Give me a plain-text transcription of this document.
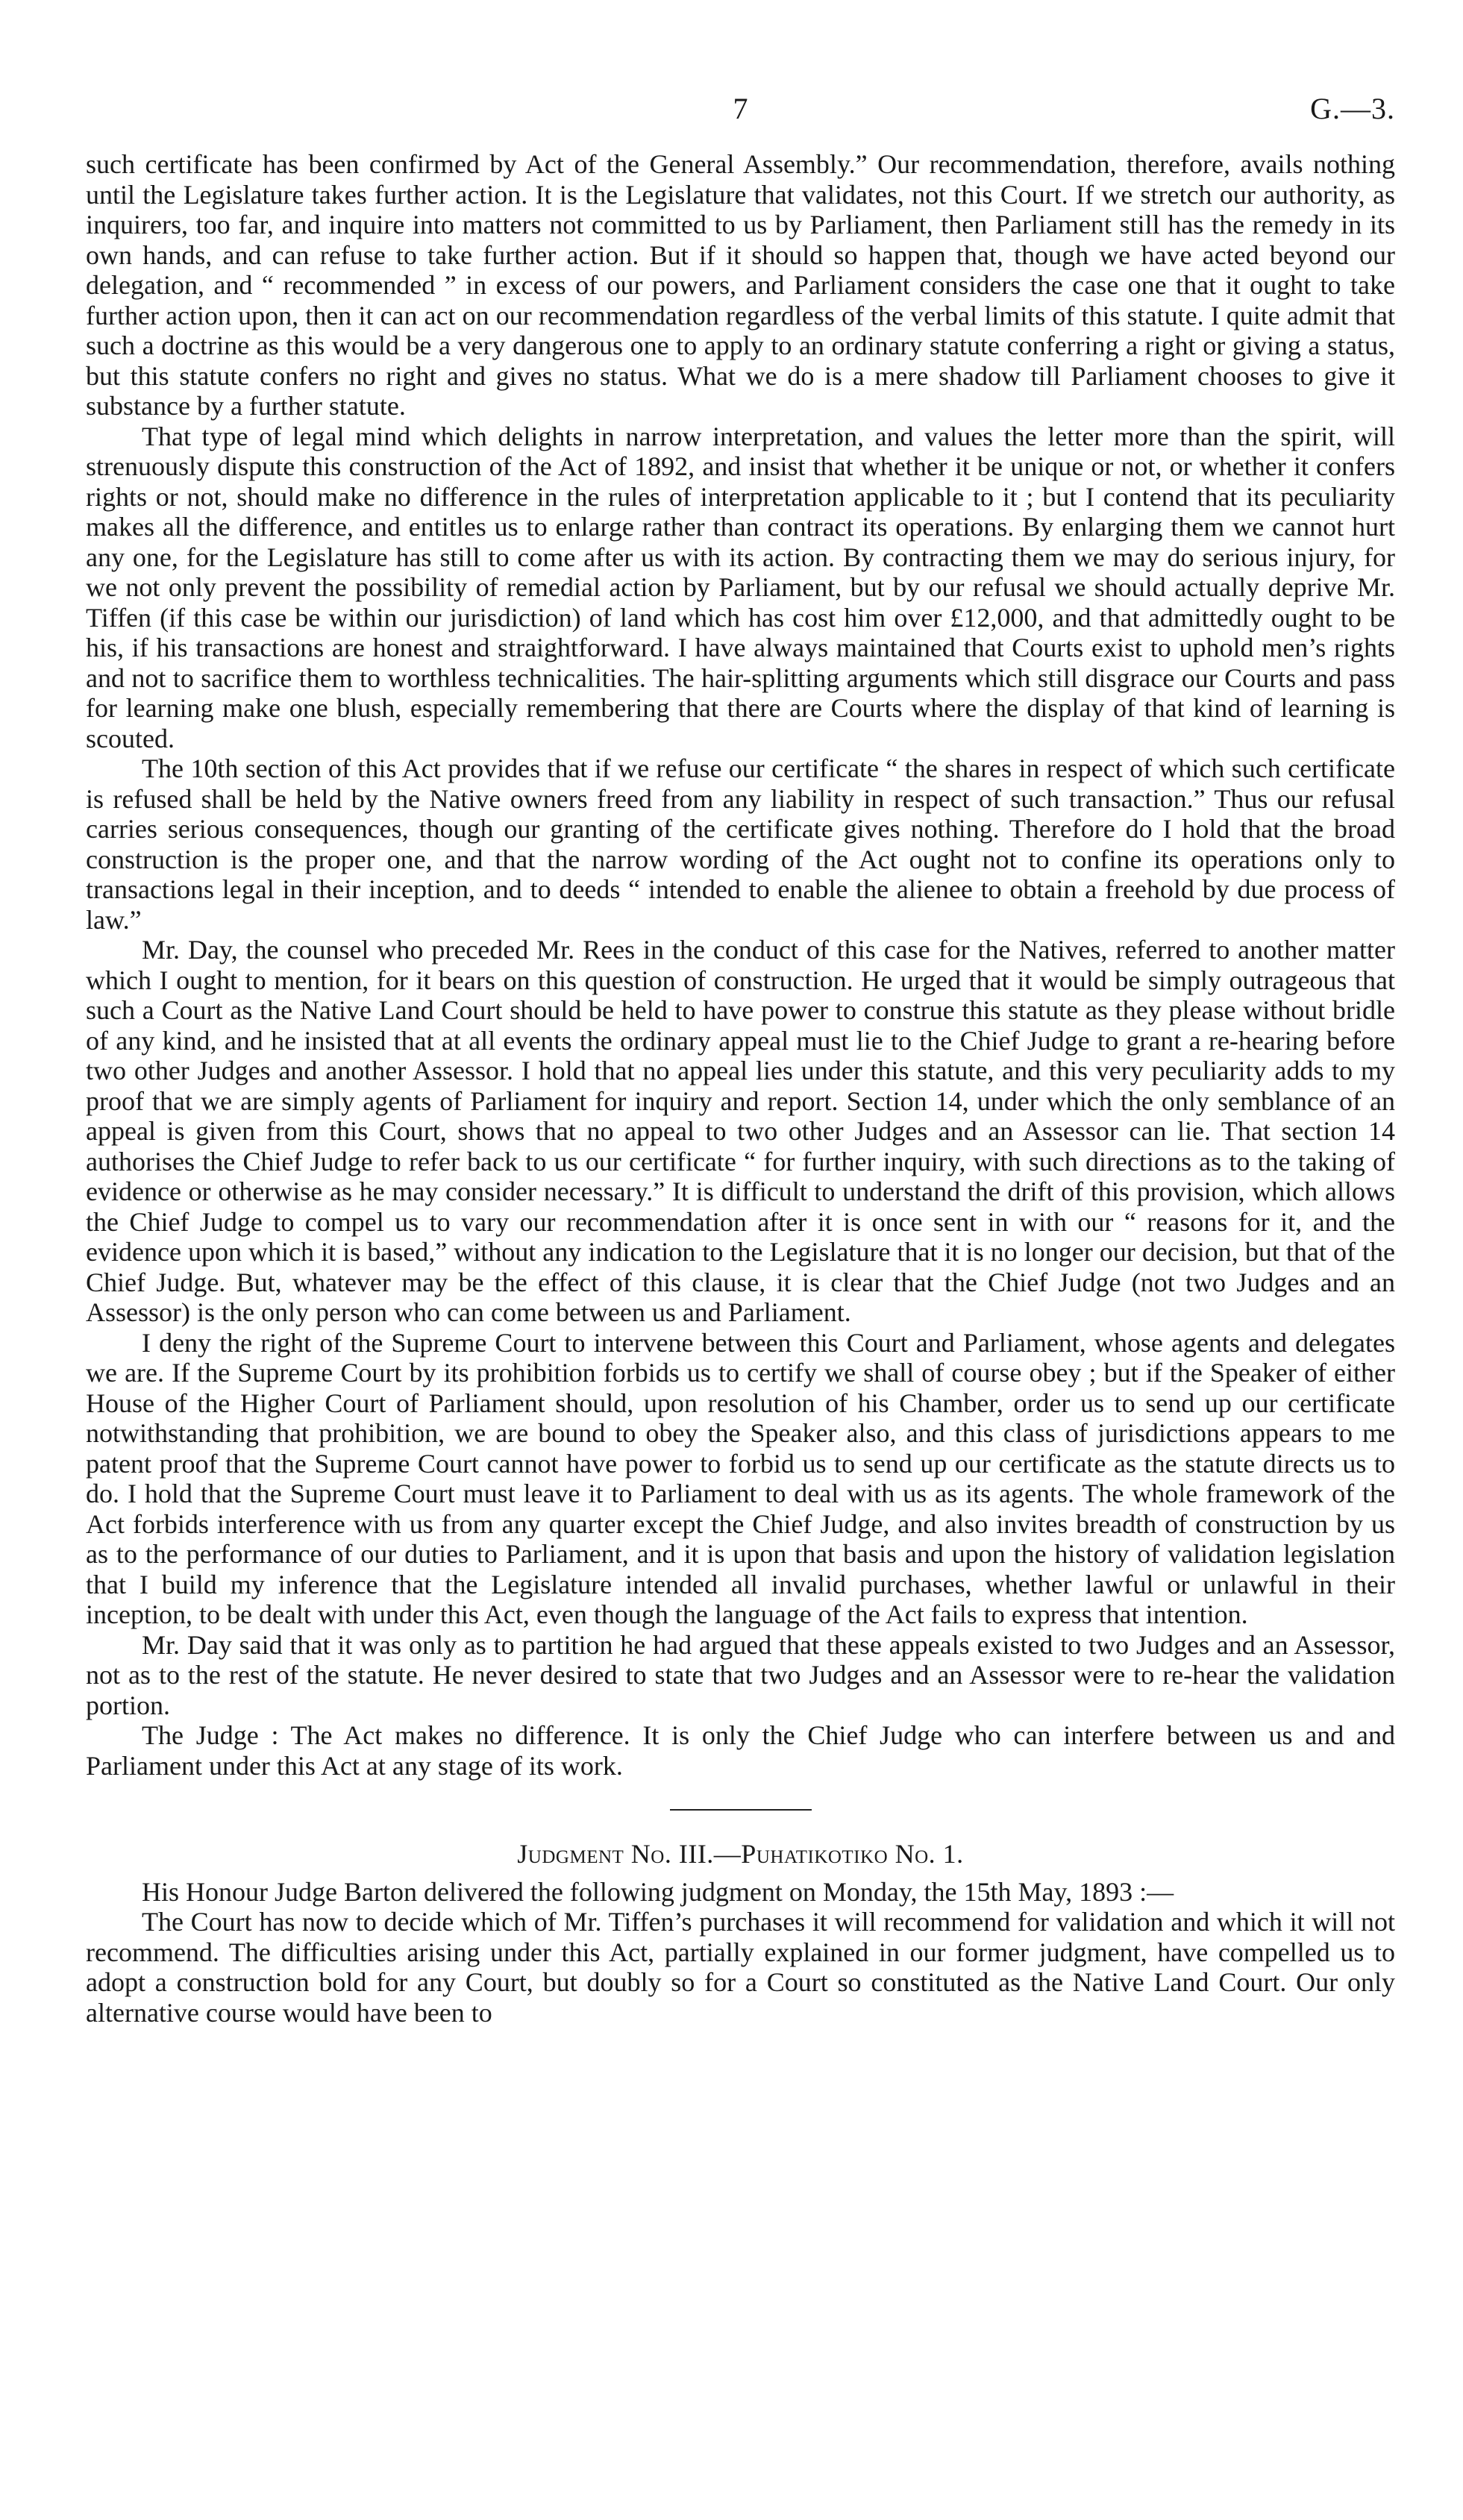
7	G.—3.

such certificate has been confirmed by Act of the General Assembly.” Our recommendation, therefore, avails nothing until the Legislature takes further action. It is the Legislature that validates, not this Court. If we stretch our authority, as inquirers, too far, and inquire into matters not committed to us by Parliament, then Parliament still has the remedy in its own hands, and can refuse to take further action. But if it should so happen that, though we have acted beyond our delegation, and “ recommended ” in excess of our powers, and Parliament considers the case one that it ought to take further action upon, then it can act on our recommendation regardless of the verbal limits of this statute. I quite admit that such a doctrine as this would be a very dangerous one to apply to an ordinary statute conferring a right or giving a status, but this statute confers no right and gives no status. What we do is a mere shadow till Parliament chooses to give it substance by a further statute.

That type of legal mind which delights in narrow interpretation, and values the letter more than the spirit, will strenuously dispute this construction of the Act of 1892, and insist that whether it be unique or not, or whether it confers rights or not, should make no difference in the rules of interpretation applicable to it ; but I contend that its peculiarity makes all the difference, and entitles us to enlarge rather than contract its operations. By enlarging them we cannot hurt any one, for the Legislature has still to come after us with its action. By contracting them we may do serious injury, for we not only prevent the possibility of remedial action by Parliament, but by our refusal we should actually deprive Mr. Tiffen (if this case be within our jurisdiction) of land which has cost him over £12,000, and that admittedly ought to be his, if his transactions are honest and straightforward. I have always maintained that Courts exist to uphold men’s rights and not to sacrifice them to worthless technicalities. The hair-splitting arguments which still disgrace our Courts and pass for learning make one blush, especially remembering that there are Courts where the display of that kind of learning is scouted.

The 10th section of this Act provides that if we refuse our certificate “ the shares in respect of which such certificate is refused shall be held by the Native owners freed from any liability in respect of such transaction.” Thus our refusal carries serious consequences, though our granting of the certificate gives nothing. Therefore do I hold that the broad construction is the proper one, and that the narrow wording of the Act ought not to confine its operations only to transactions legal in their inception, and to deeds “ intended to enable the alienee to obtain a freehold by due process of law.”

Mr. Day, the counsel who preceded Mr. Rees in the conduct of this case for the Natives, referred to another matter which I ought to mention, for it bears on this question of construction. He urged that it would be simply outrageous that such a Court as the Native Land Court should be held to have power to construe this statute as they please without bridle of any kind, and he insisted that at all events the ordinary appeal must lie to the Chief Judge to grant a re-hearing before two other Judges and another Assessor. I hold that no appeal lies under this statute, and this very peculiarity adds to my proof that we are simply agents of Parliament for inquiry and report. Section 14, under which the only semblance of an appeal is given from this Court, shows that no appeal to two other Judges and an Assessor can lie. That section 14 authorises the Chief Judge to refer back to us our certificate “ for further inquiry, with such directions as to the taking of evidence or otherwise as he may consider necessary.” It is difficult to understand the drift of this provision, which allows the Chief Judge to compel us to vary our recommendation after it is once sent in with our “ reasons for it, and the evidence upon which it is based,” without any indication to the Legislature that it is no longer our decision, but that of the Chief Judge. But, whatever may be the effect of this clause, it is clear that the Chief Judge (not two Judges and an Assessor) is the only person who can come between us and Parliament.

I deny the right of the Supreme Court to intervene between this Court and Parliament, whose agents and delegates we are. If the Supreme Court by its prohibition forbids us to certify we shall of course obey ; but if the Speaker of either House of the Higher Court of Parliament should, upon resolution of his Chamber, order us to send up our certificate notwithstanding that prohibition, we are bound to obey the Speaker also, and this class of jurisdictions appears to me patent proof that the Supreme Court cannot have power to forbid us to send up our certificate as the statute directs us to do. I hold that the Supreme Court must leave it to Parliament to deal with us as its agents. The whole framework of the Act forbids interference with us from any quarter except the Chief Judge, and also invites breadth of construction by us as to the performance of our duties to Parliament, and it is upon that basis and upon the history of validation legislation that I build my inference that the Legislature intended all invalid purchases, whether lawful or unlawful in their inception, to be dealt with under this Act, even though the language of the Act fails to express that intention.

Mr. Day said that it was only as to partition he had argued that these appeals existed to two Judges and an Assessor, not as to the rest of the statute. He never desired to state that two Judges and an Assessor were to re-hear the validation portion.

The Judge : The Act makes no difference. It is only the Chief Judge who can interfere between us and and Parliament under this Act at any stage of its work.

Judgment No. III.—Puhatikotiko No. 1.

His Honour Judge Barton delivered the following judgment on Monday, the 15th May, 1893 :—

The Court has now to decide which of Mr. Tiffen’s purchases it will recommend for validation and which it will not recommend. The difficulties arising under this Act, partially explained in our former judgment, have compelled us to adopt a construction bold for any Court, but doubly so for a Court so constituted as the Native Land Court. Our only alternative course would have been to
